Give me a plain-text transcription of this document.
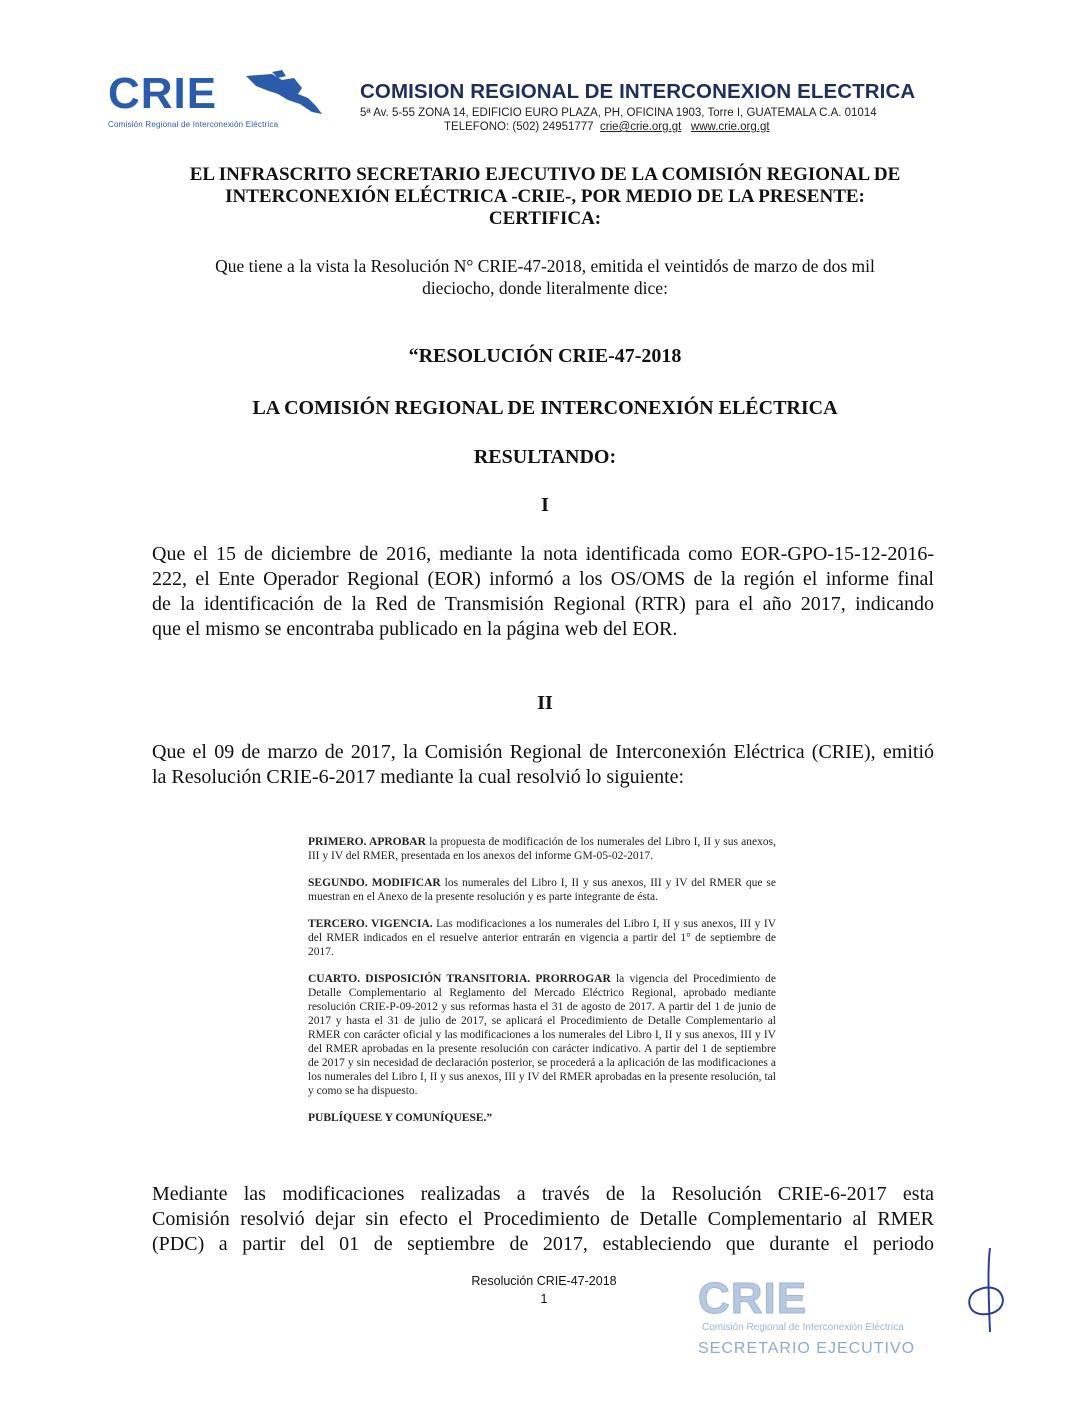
CRIE
Comisión Regional de Interconexión Eléctrica
COMISION REGIONAL DE INTERCONEXION ELECTRICA
5ª Av. 5-55 ZONA 14, EDIFICIO EURO PLAZA, PH, OFICINA 1903, Torre I, GUATEMALA C.A. 01014
TELEFONO: (502) 24951777 crie@crie.org.gt www.crie.org.gt
EL INFRASCRITO SECRETARIO EJECUTIVO DE LA COMISIÓN REGIONAL DE
INTERCONEXIÓN ELÉCTRICA -CRIE-, POR MEDIO DE LA PRESENTE:
CERTIFICA:
Que tiene a la vista la Resolución N° CRIE-47-2018, emitida el veintidós de marzo de dos mil
dieciocho, donde literalmente dice:
“RESOLUCIÓN CRIE-47-2018
LA COMISIÓN REGIONAL DE INTERCONEXIÓN ELÉCTRICA
RESULTANDO:
I
Que el 15 de diciembre de 2016, mediante la nota identificada como EOR-GPO-15-12-2016-
222, el Ente Operador Regional (EOR) informó a los OS/OMS de la región el informe final
de la identificación de la Red de Transmisión Regional (RTR) para el año 2017, indicando
que el mismo se encontraba publicado en la página web del EOR.
II
Que el 09 de marzo de 2017, la Comisión Regional de Interconexión Eléctrica (CRIE), emitió
la Resolución CRIE-6-2017 mediante la cual resolvió lo siguiente:

PRIMERO. APROBAR la propuesta de modificación de los numerales del Libro I, II y sus anexos, III y IV del RMER, presentada en los anexos del informe GM-05-02-2017.

SEGUNDO. MODIFICAR los numerales del Libro I, II y sus anexos, III y IV del RMER que se muestran en el Anexo de la presente resolución y es parte integrante de ésta.

TERCERO. VIGENCIA. Las modificaciones a los numerales del Libro I, II y sus anexos, III y IV del RMER indicados en el resuelve anterior entrarán en vigencia a partir del 1° de septiembre de 2017.

CUARTO. DISPOSICIÓN TRANSITORIA. PRORROGAR la vigencia del Procedimiento de Detalle Complementario al Reglamento del Mercado Eléctrico Regional, aprobado mediante resolución CRIE-P-09-2012 y sus reformas hasta el 31 de agosto de 2017. A partir del 1 de junio de 2017 y hasta el 31 de julio de 2017, se aplicará el Procedimiento de Detalle Complementario al RMER con carácter oficial y las modificaciones a los numerales del Libro I, II y sus anexos, III y IV del RMER aprobadas en la presente resolución con carácter indicativo. A partir del 1 de septiembre de 2017 y sin necesidad de declaración posterior, se procederá a la aplicación de las modificaciones a los numerales del Libro I, II y sus anexos, III y IV del RMER aprobadas en la presente resolución, tal y como se ha dispuesto.

PUBLÍQUESE Y COMUNÍQUESE.”

Mediante las modificaciones realizadas a través de la Resolución CRIE-6-2017 esta
Comisión resolvió dejar sin efecto el Procedimiento de Detalle Complementario al RMER
(PDC) a partir del 01 de septiembre de 2017, estableciendo que durante el periodo
Resolución CRIE-47-2018
1	CRIE
Comisión Regional de Interconexión Eléctrica
SECRETARIO EJECUTIVO
